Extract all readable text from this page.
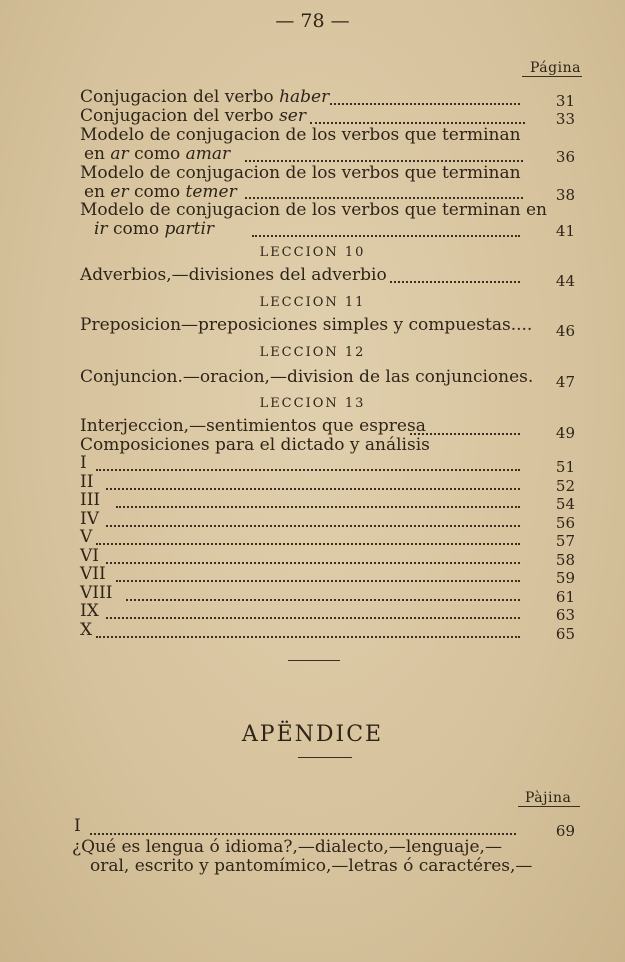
— 78 —
Página
Conjugacion del verbo haber	31
Conjugacion del verbo ser	33
Modelo de conjugacion de los verbos que terminan
en ar como amar	36
Modelo de conjugacion de los verbos que terminan
en er como temer	38
Modelo de conjugacion de los verbos que terminan en
ir como partir	41
LECCION 10
Adverbios,—divisiones del adverbio	44
LECCION 11
Preposicion—preposiciones simples y compuestas....	46
LECCION 12
Conjuncion.—oracion,—division de las conjunciones.	47
LECCION 13
Interjeccion,—sentimientos que espresa	49
Composiciones para el dictado y análisis
I	51
II	52
III	54
IV	56
V	57
VI	58
VII	59
VIII	61
IX	63
X	65
APËNDICE
Pàjina
I	69
¿Qué es lengua ó idioma?,—dialecto,—lenguaje,—
oral, escrito y pantomímico,—letras ó caractéres,—
